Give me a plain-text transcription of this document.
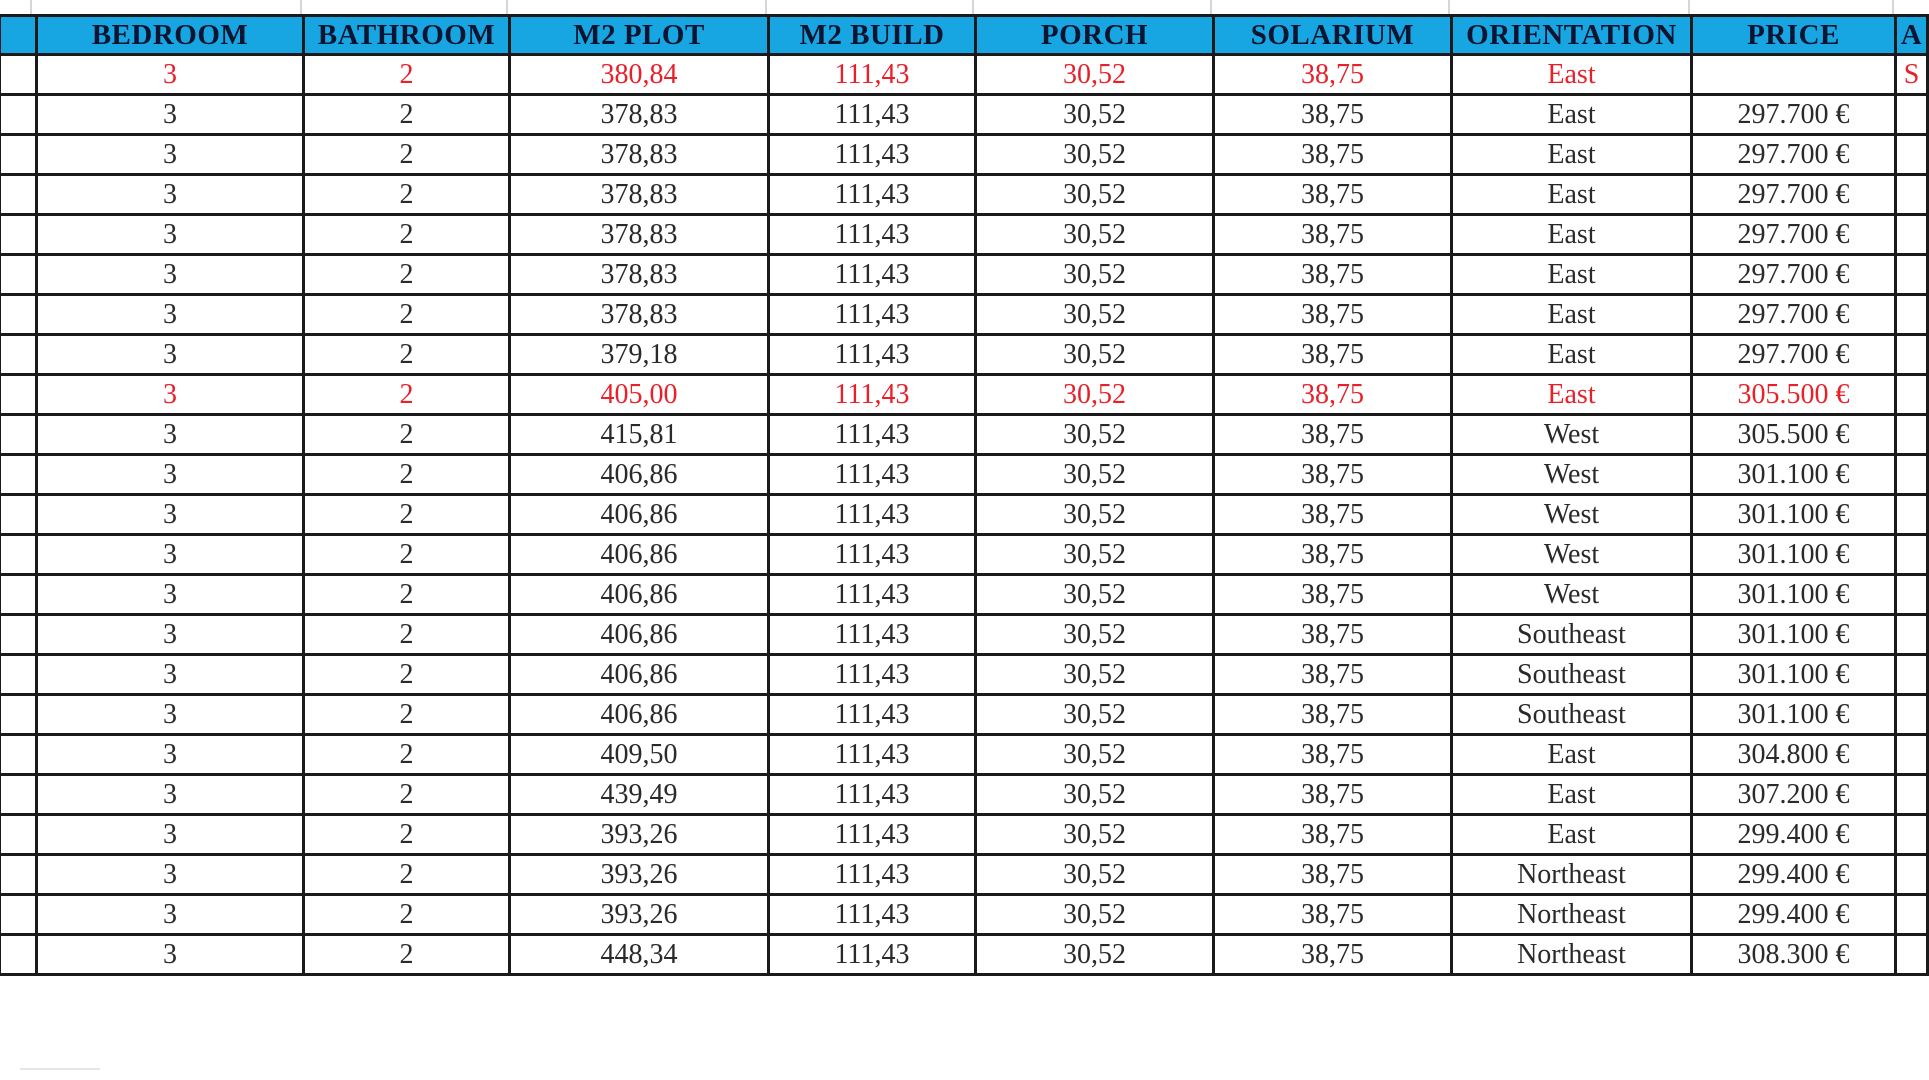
	BEDROOM	BATHROOM	M2 PLOT	M2 BUILD	PORCH	SOLARIUM	ORIENTATION	PRICE	A
	3	2	380,84	111,43	30,52	38,75	East		S
	3	2	378,83	111,43	30,52	38,75	East	297.700 €	
	3	2	378,83	111,43	30,52	38,75	East	297.700 €	
	3	2	378,83	111,43	30,52	38,75	East	297.700 €	
	3	2	378,83	111,43	30,52	38,75	East	297.700 €	
	3	2	378,83	111,43	30,52	38,75	East	297.700 €	
	3	2	378,83	111,43	30,52	38,75	East	297.700 €	
	3	2	379,18	111,43	30,52	38,75	East	297.700 €	
	3	2	405,00	111,43	30,52	38,75	East	305.500 €	
	3	2	415,81	111,43	30,52	38,75	West	305.500 €	
	3	2	406,86	111,43	30,52	38,75	West	301.100 €	
	3	2	406,86	111,43	30,52	38,75	West	301.100 €	
	3	2	406,86	111,43	30,52	38,75	West	301.100 €	
	3	2	406,86	111,43	30,52	38,75	West	301.100 €	
	3	2	406,86	111,43	30,52	38,75	Southeast	301.100 €	
	3	2	406,86	111,43	30,52	38,75	Southeast	301.100 €	
	3	2	406,86	111,43	30,52	38,75	Southeast	301.100 €	
	3	2	409,50	111,43	30,52	38,75	East	304.800 €	
	3	2	439,49	111,43	30,52	38,75	East	307.200 €	
	3	2	393,26	111,43	30,52	38,75	East	299.400 €	
	3	2	393,26	111,43	30,52	38,75	Northeast	299.400 €	
	3	2	393,26	111,43	30,52	38,75	Northeast	299.400 €	
	3	2	448,34	111,43	30,52	38,75	Northeast	308.300 €	
